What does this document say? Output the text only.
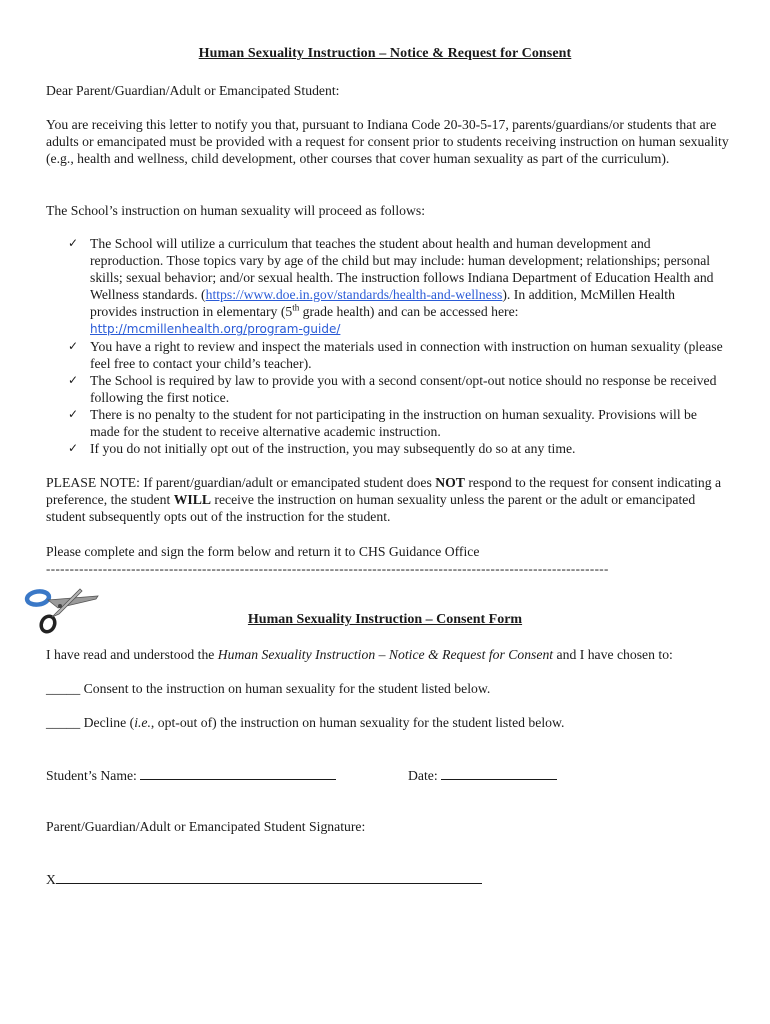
Human Sexuality Instruction – Notice & Request for Consent
Dear Parent/Guardian/Adult or Emancipated Student:
You are receiving this letter to notify you that, pursuant to Indiana Code 20-30-5-17, parents/guardians/or students that are adults or emancipated must be provided with a request for consent prior to students receiving instruction on human sexuality (e.g., health and wellness, child development, other courses that cover human sexuality as part of the curriculum).
The School’s instruction on human sexuality will proceed as follows:
✓ The School will utilize a curriculum that teaches the student about health and human development and reproduction. Those topics vary by age of the child but may include: human development; relationships; personal skills; sexual behavior; and/or sexual health. The instruction follows Indiana Department of Education Health and Wellness standards. (https://www.doe.in.gov/standards/health-and-wellness). In addition, McMillen Health provides instruction in elementary (5th grade health) and can be accessed here:
http://mcmillenhealth.org/program-guide/
✓ You have a right to review and inspect the materials used in connection with instruction on human sexuality (please feel free to contact your child’s teacher).
✓ The School is required by law to provide you with a second consent/opt-out notice should no response be received following the first notice.
✓ There is no penalty to the student for not participating in the instruction on human sexuality. Provisions will be made for the student to receive alternative academic instruction.
✓ If you do not initially opt out of the instruction, you may subsequently do so at any time.
PLEASE NOTE: If parent/guardian/adult or emancipated student does NOT respond to the request for consent indicating a preference, the student WILL receive the instruction on human sexuality unless the parent or the adult or emancipated student subsequently opts out of the instruction for the student.
Please complete and sign the form below and return it to CHS Guidance Office
-----------------------------------------------------------------------------------------------------------------------
Human Sexuality Instruction – Consent Form
I have read and understood the Human Sexuality Instruction – Notice & Request for Consent and I have chosen to:
_____ Consent to the instruction on human sexuality for the student listed below.
_____ Decline (i.e., opt-out of) the instruction on human sexuality for the student listed below.
Student’s Name:	Date:
Parent/Guardian/Adult or Emancipated Student Signature:
X
